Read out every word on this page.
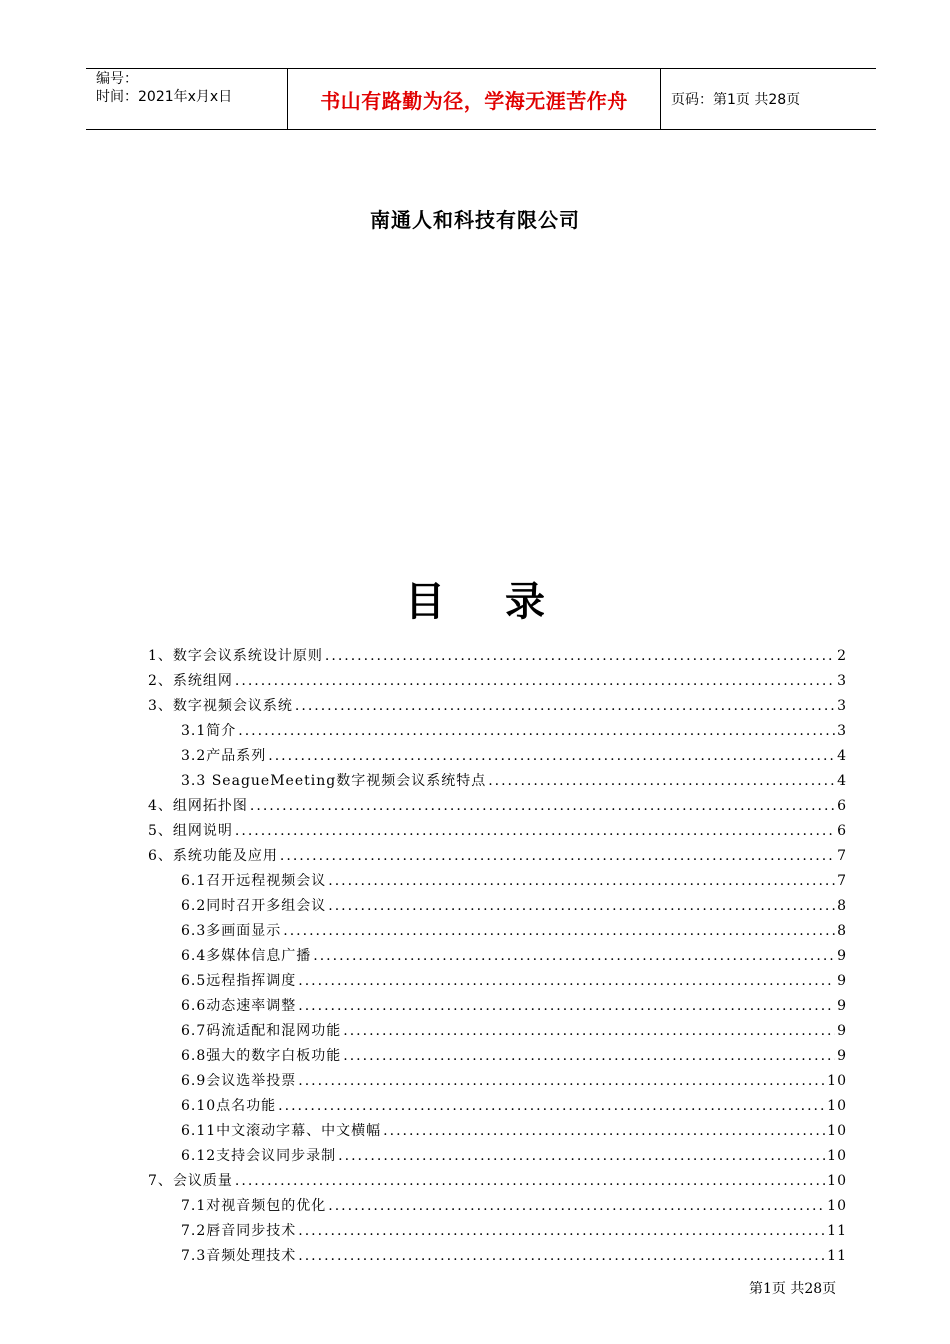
编号：
时间：2021年x月x日	书山有路勤为径，学海无涯苦作舟	页码：第1页 共28页
南通人和科技有限公司
目录
1、数字会议系统设计原则 .....	2
2、系统组网 .....	3
3、数字视频会议系统 .....	3
3.1简介 .....	3
3.2产品系列 .....	4
3.3 SeagueMeeting数字视频会议系统特点 .....	4
4、组网拓扑图 .....	6
5、组网说明 .....	6
6、系统功能及应用 .....	7
6.1召开远程视频会议 .....	7
6.2同时召开多组会议 .....	8
6.3多画面显示 .....	8
6.4多媒体信息广播 .....	9
6.5远程指挥调度 .....	9
6.6动态速率调整 .....	9
6.7码流适配和混网功能 .....	9
6.8强大的数字白板功能 .....	9
6.9会议选举投票 .....	10
6.10点名功能 .....	10
6.11中文滚动字幕、中文横幅 .....	10
6.12支持会议同步录制 .....	10
7、会议质量 .....	10
7.1对视音频包的优化 .....	10
7.2唇音同步技术 .....	11
7.3音频处理技术 .....	11
第1页 共28页
